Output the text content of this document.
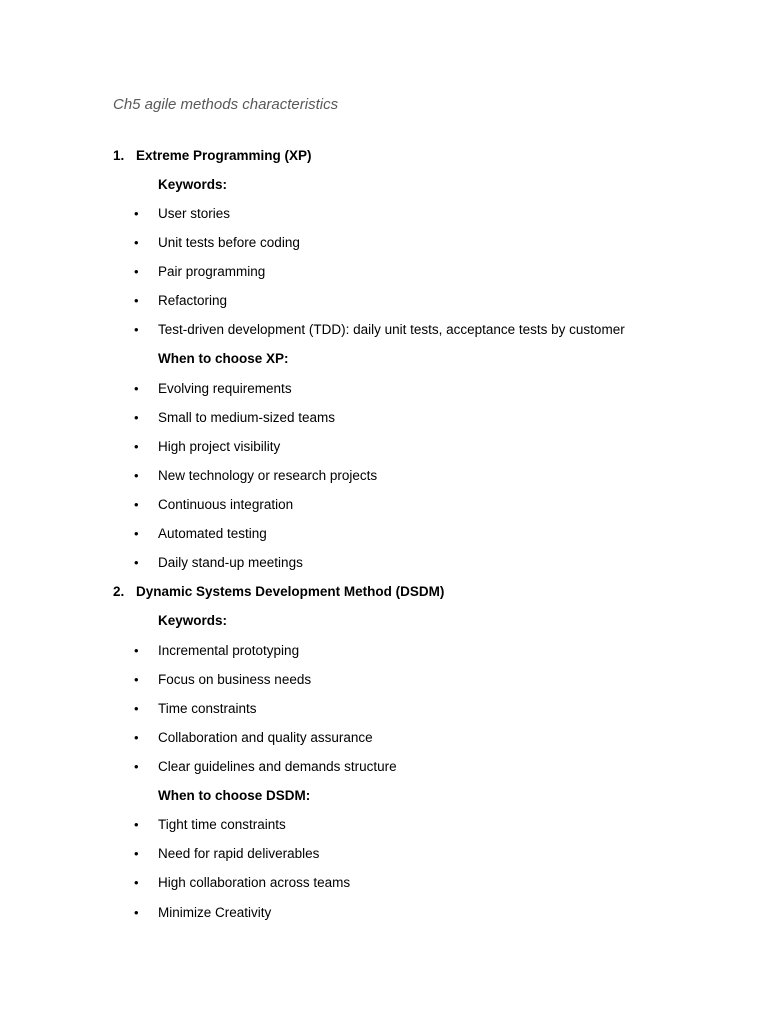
Ch5 agile methods characteristics
1. Extreme Programming (XP)
Keywords:
• User stories
• Unit tests before coding
• Pair programming
• Refactoring
• Test-driven development (TDD): daily unit tests, acceptance tests by customer
When to choose XP:
• Evolving requirements
• Small to medium-sized teams
• High project visibility
• New technology or research projects
• Continuous integration
• Automated testing
• Daily stand-up meetings
2. Dynamic Systems Development Method (DSDM)
Keywords:
• Incremental prototyping
• Focus on business needs
• Time constraints
• Collaboration and quality assurance
• Clear guidelines and demands structure
When to choose DSDM:
• Tight time constraints
• Need for rapid deliverables
• High collaboration across teams
• Minimize Creativity
